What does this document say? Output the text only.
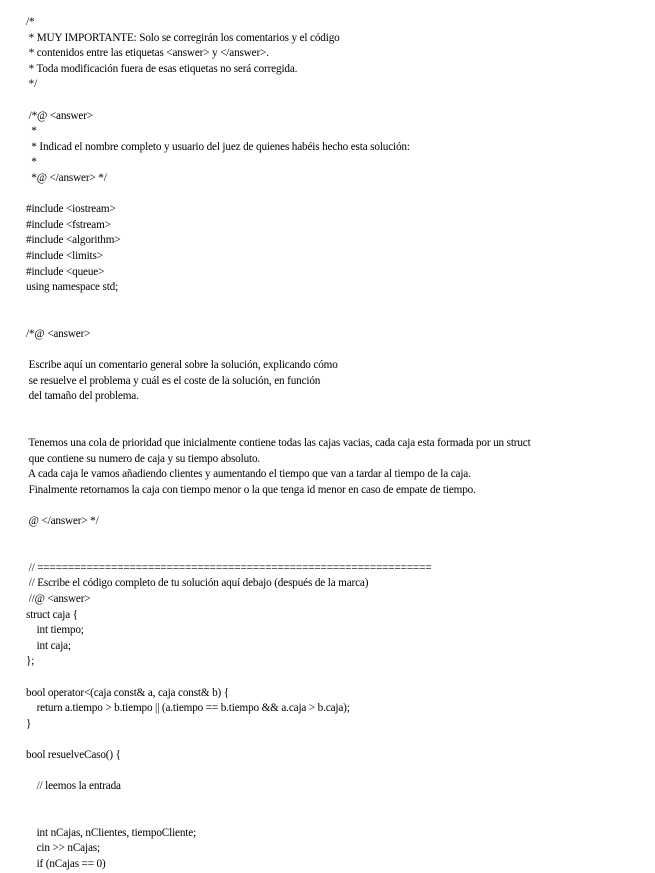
/*
* MUY IMPORTANTE: Solo se corregirán los comentarios y el código
* contenidos entre las etiquetas <answer> y </answer>.
* Toda modificación fuera de esas etiquetas no será corregida.
*/
/*@ <answer>
*
* Indicad el nombre completo y usuario del juez de quienes habéis hecho esta solución:
*
*@ </answer> */
#include <iostream>
#include <fstream>
#include <algorithm>
#include <limits>
#include <queue>
using namespace std;
/*@ <answer>
Escribe aquí un comentario general sobre la solución, explicando cómo
se resuelve el problema y cuál es el coste de la solución, en función
del tamaño del problema.
Tenemos una cola de prioridad que inicialmente contiene todas las cajas vacias, cada caja esta formada por un struct
que contiene su numero de caja y su tiempo absoluto.
A cada caja le vamos añadiendo clientes y aumentando el tiempo que van a tardar al tiempo de la caja.
Finalmente retornamos la caja con tiempo menor o la que tenga id menor en caso de empate de tiempo.
@ </answer> */
// ================================================================
// Escribe el código completo de tu solución aquí debajo (después de la marca)
//@ <answer>
struct caja {
int tiempo;
int caja;
};
bool operator<(caja const& a, caja const& b) {
return a.tiempo > b.tiempo || (a.tiempo == b.tiempo && a.caja > b.caja);
}
bool resuelveCaso() {
// leemos la entrada
int nCajas, nClientes, tiempoCliente;
cin >> nCajas;
if (nCajas == 0)
